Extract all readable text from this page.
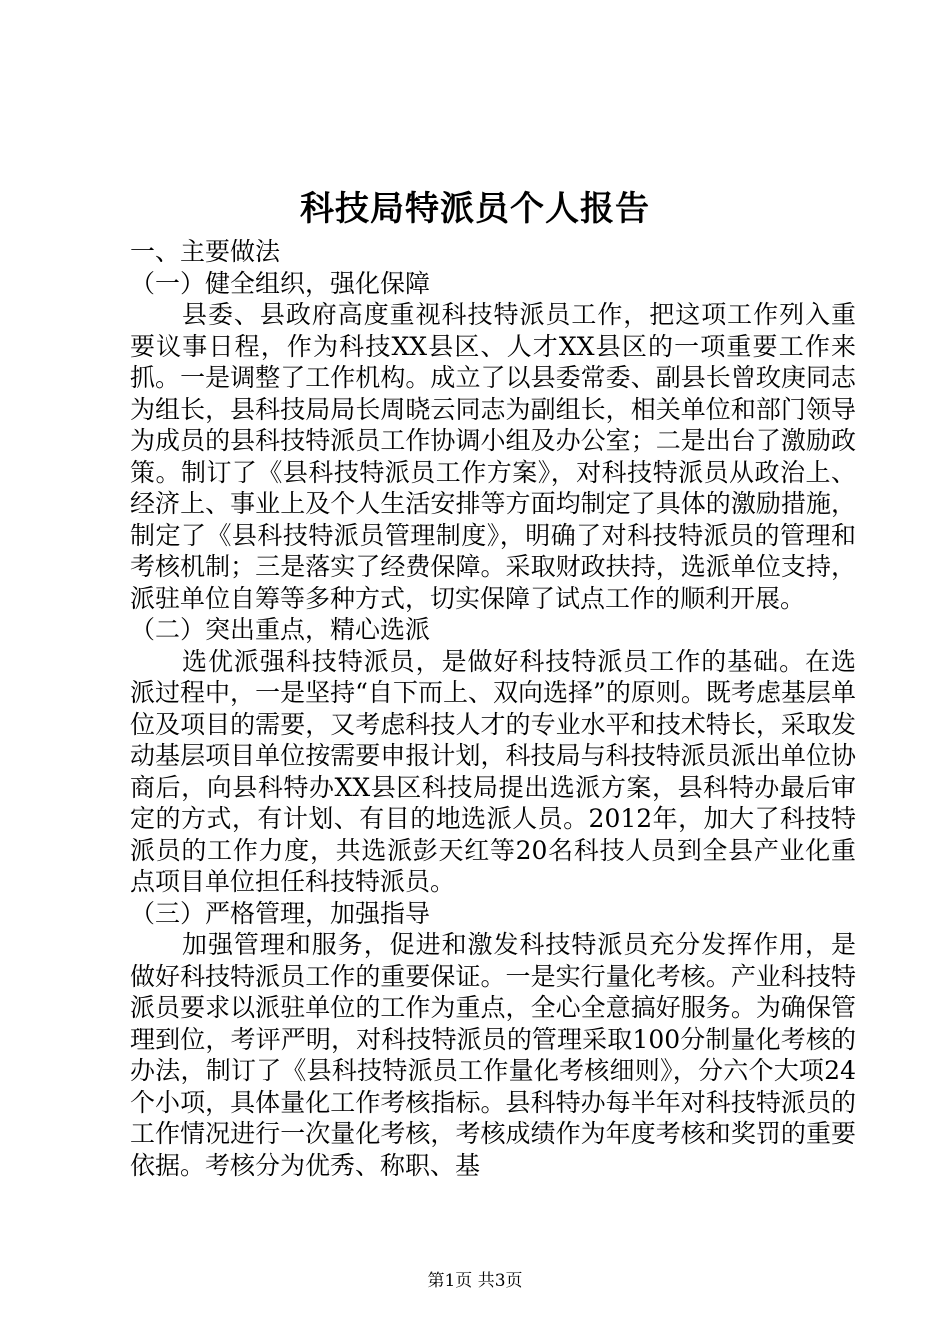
科技局特派员个人报告

一、主要做法

（一）健全组织，强化保障

县委、县政府高度重视科技特派员工作，把这项工作列入重要议事日程，作为科技XX县区、人才XX县区的一项重要工作来抓。一是调整了工作机构。成立了以县委常委、副县长曾玫庚同志为组长，县科技局局长周晓云同志为副组长，相关单位和部门领导为成员的县科技特派员工作协调小组及办公室；二是出台了激励政策。制订了《县科技特派员工作方案》，对科技特派员从政治上、经济上、事业上及个人生活安排等方面均制定了具体的激励措施，制定了《县科技特派员管理制度》，明确了对科技特派员的管理和考核机制；三是落实了经费保障。采取财政扶持，选派单位支持，派驻单位自筹等多种方式，切实保障了试点工作的顺利开展。

（二）突出重点，精心选派

选优派强科技特派员，是做好科技特派员工作的基础。在选派过程中，一是坚持“自下而上、双向选择”的原则。既考虑基层单位及项目的需要，又考虑科技人才的专业水平和技术特长，采取发动基层项目单位按需要申报计划，科技局与科技特派员派出单位协商后，向县科特办XX县区科技局提出选派方案，县科特办最后审定的方式，有计划、有目的地选派人员。2012年，加大了科技特派员的工作力度，共选派彭天红等20名科技人员到全县产业化重点项目单位担任科技特派员。

（三）严格管理，加强指导

加强管理和服务，促进和激发科技特派员充分发挥作用，是做好科技特派员工作的重要保证。一是实行量化考核。产业科技特派员要求以派驻单位的工作为重点，全心全意搞好服务。为确保管理到位，考评严明，对科技特派员的管理采取100分制量化考核的办法，制订了《县科技特派员工作量化考核细则》，分六个大项24个小项，具体量化工作考核指标。县科特办每半年对科技特派员的工作情况进行一次量化考核，考核成绩作为年度考核和奖罚的重要依据。考核分为优秀、称职、基

第1页 共3页
